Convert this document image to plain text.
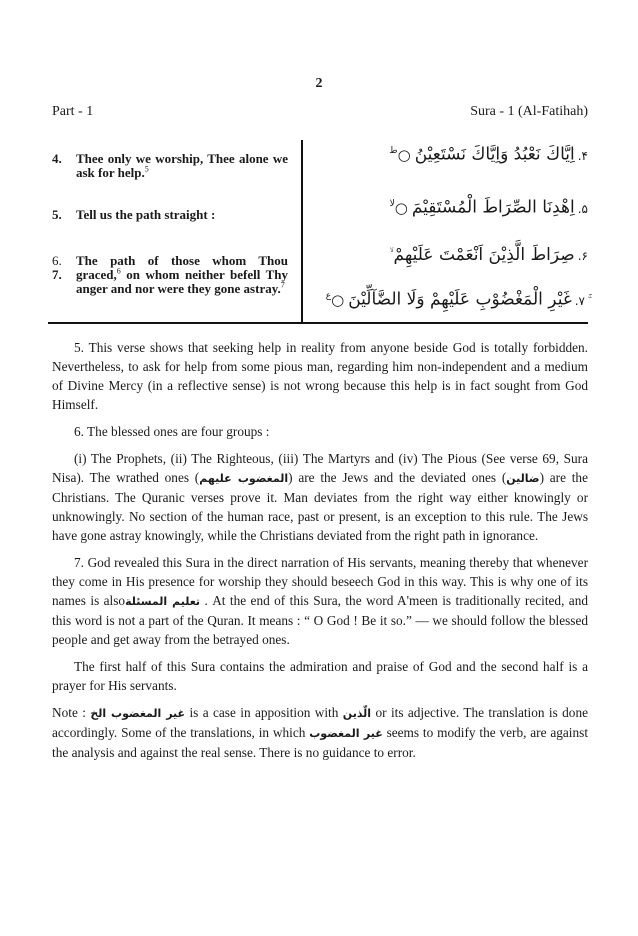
2
Part - 1	Sura - 1 (Al-Fatihah)
4. Thee only we worship, Thee alone we ask for help.$^5$
5. Tell us the path straight :
6.
7.
The path of those whom Thou graced,$^6$ on whom neither befell Thy anger and nor were they gone astray.$^7$
۴.اِيَّاكَ نَعْبُدُ وَاِيَّاكَ نَسْتَعِيْنُ○$^ط$
۵.اِهْدِنَا الصِّرَاطَ الْمُسْتَقِيْمَ○$^{لا}$
۶.صِرَاطَ الَّذِيْنَ اَنْعَمْتَ عَلَيْهِمْ
۷.غَيْرِ الْمَغْضُوْبِ عَلَيْهِمْ وَلَا الضَّآلِّيْنَ○$^ع$

5. This verse shows that seeking help in reality from anyone beside God is totally forbidden. Nevertheless, to ask for help from some pious man, regarding him non-independent and a medium of Divine Mercy (in a reflective sense) is not wrong because this help is in fact sought from God Himself.

6. The blessed ones are four groups :

(i) The Prophets, (ii) The Righteous, (iii) The Martyrs and (iv) The Pious (See verse 69, Sura Nisa). The wrathed ones (المغضوب عليهم) are the Jews and the deviated ones (ضالين) are the Christians. The Quranic verses prove it. Man deviates from the right way either knowingly or unknowingly. No section of the human race, past or present, is an exception to this rule. The Jews have gone astray knowingly, while the Christians deviated from the right path in ignorance.

7. God revealed this Sura in the direct narration of His servants, meaning thereby that whenever they come in His presence for worship they should beseech God in this way. This is why one of its names is alsoتعليم المسئلة . At the end of this Sura, the word A'meen is traditionally recited, and this word is not a part of the Quran. It means : “ O God ! Be it so.” — we should follow the blessed people and get away from the betrayed ones.

The first half of this Sura contains the admiration and praise of God and the second half is a prayer for His servants.

Note : غير المغضوب الخ is a case in apposition with الّذين or its adjective. The translation is done accordingly. Some of the translations, in which غير المغضوب seems to modify the verb, are against the analysis and against the real sense. There is no guidance to error.
